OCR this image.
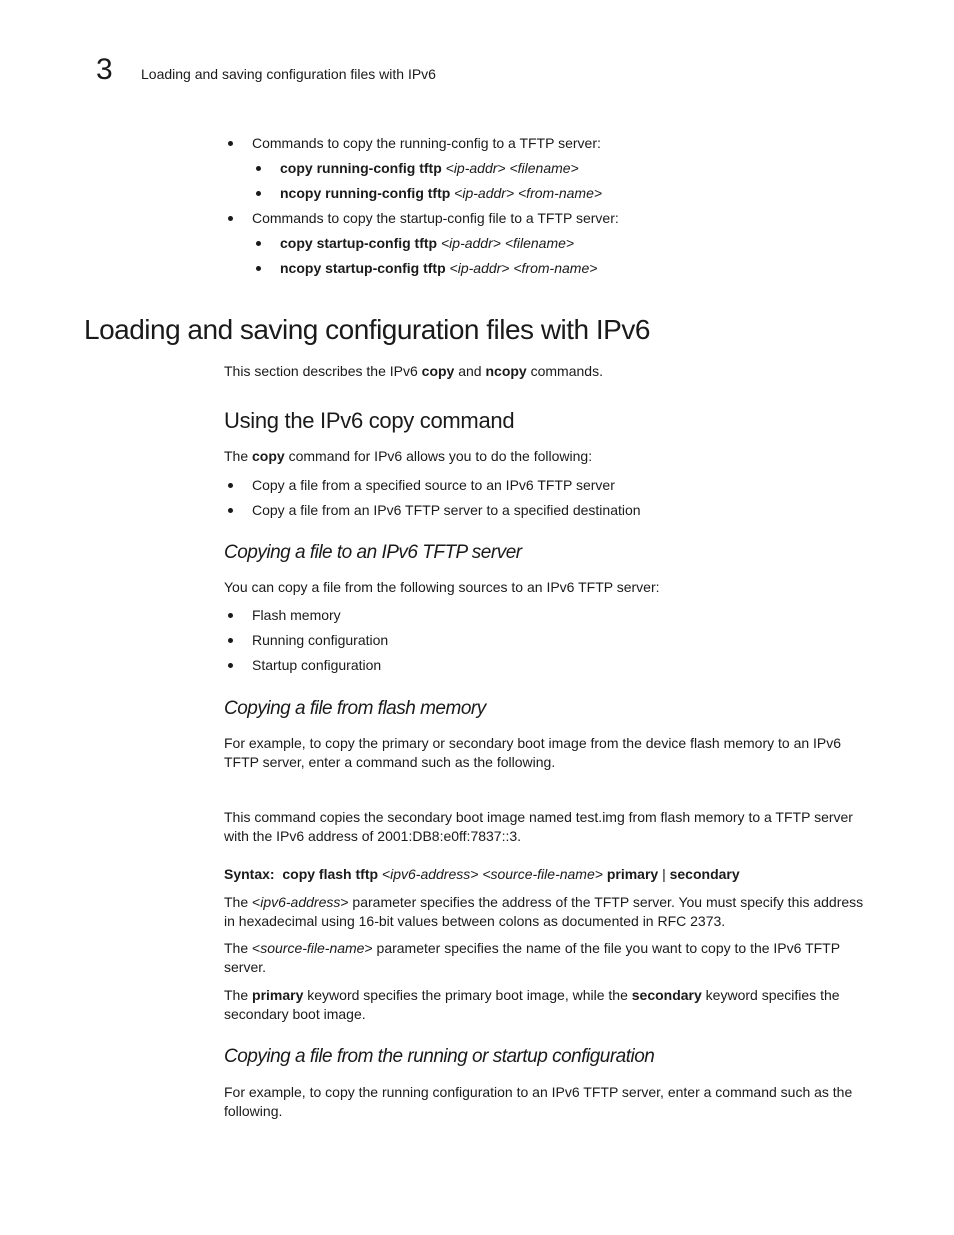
3 Loading and saving configuration files with IPv6
Commands to copy the running-config to a TFTP server:
copy running-config tftp <ip-addr> <filename>
ncopy running-config tftp <ip-addr> <from-name>
Commands to copy the startup-config file to a TFTP server:
copy startup-config tftp <ip-addr> <filename>
ncopy startup-config tftp <ip-addr> <from-name>
Loading and saving configuration files with IPv6
This section describes the IPv6 copy and ncopy commands.
Using the IPv6 copy command
The copy command for IPv6 allows you to do the following:
Copy a file from a specified source to an IPv6 TFTP server
Copy a file from an IPv6 TFTP server to a specified destination
Copying a file to an IPv6 TFTP server
You can copy a file from the following sources to an IPv6 TFTP server:
Flash memory
Running configuration
Startup configuration
Copying a file from flash memory
For example, to copy the primary or secondary boot image from the device flash memory to an IPv6 TFTP server, enter a command such as the following.
This command copies the secondary boot image named test.img from flash memory to a TFTP server with the IPv6 address of 2001:DB8:e0ff:7837::3.
Syntax: copy flash tftp <ipv6-address> <source-file-name> primary | secondary
The <ipv6-address> parameter specifies the address of the TFTP server. You must specify this address in hexadecimal using 16-bit values between colons as documented in RFC 2373.
The <source-file-name> parameter specifies the name of the file you want to copy to the IPv6 TFTP server.
The primary keyword specifies the primary boot image, while the secondary keyword specifies the secondary boot image.
Copying a file from the running or startup configuration
For example, to copy the running configuration to an IPv6 TFTP server, enter a command such as the following.
